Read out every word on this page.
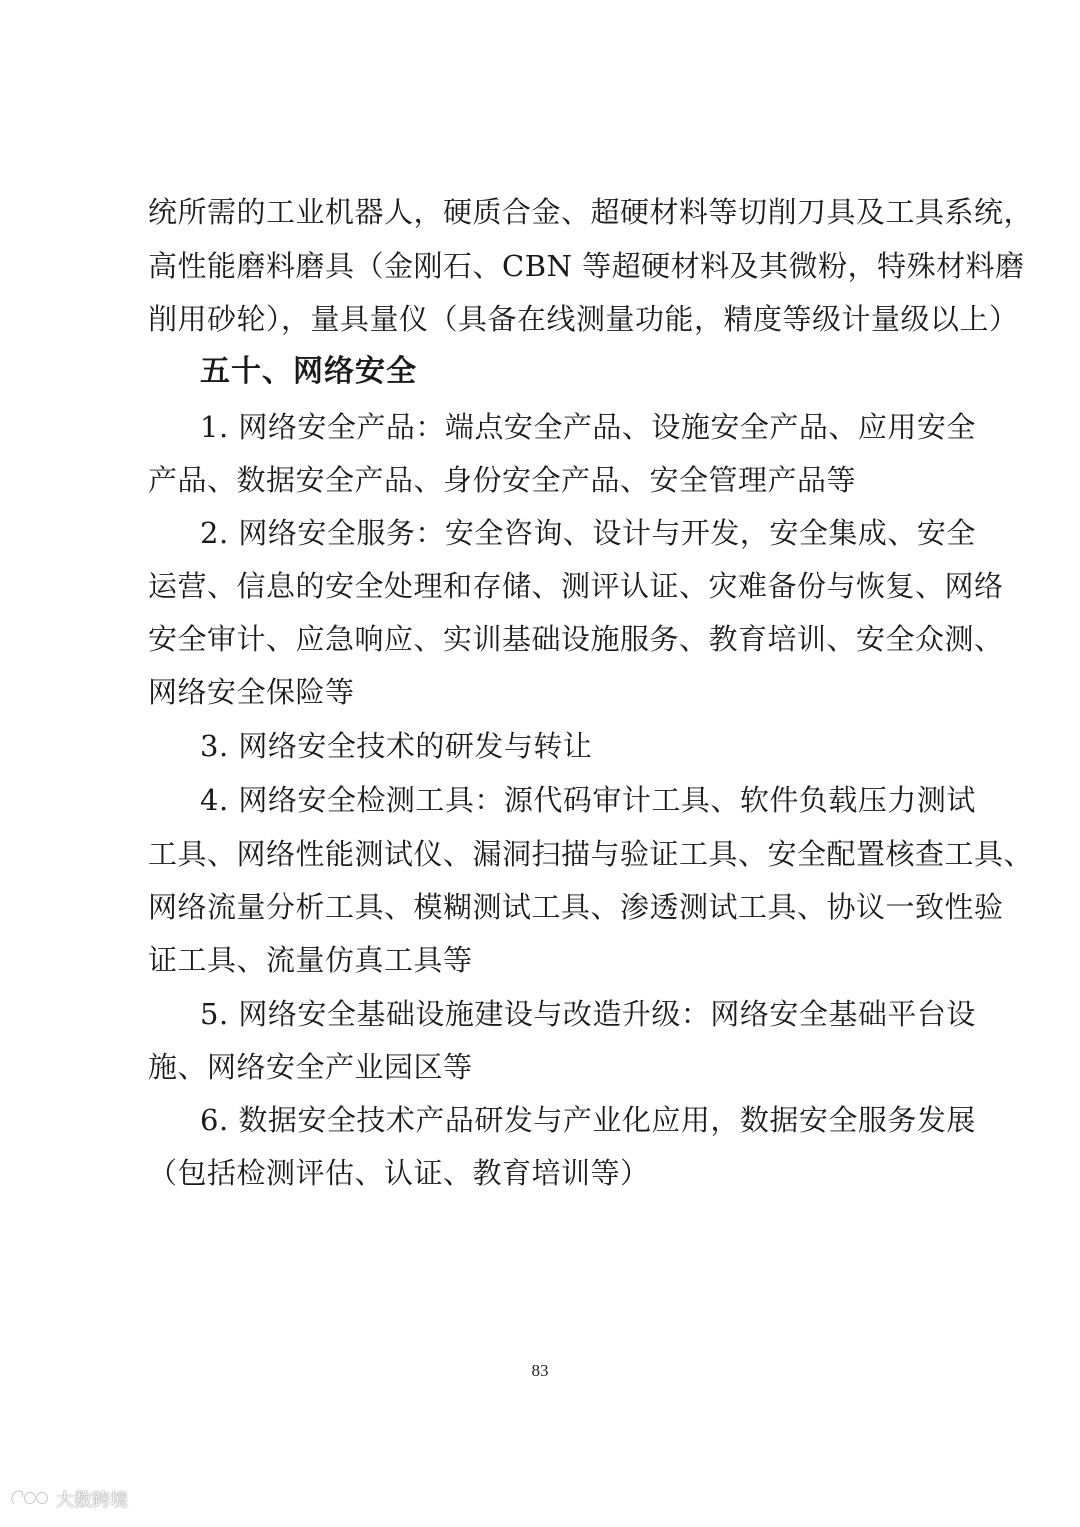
统所需的工业机器人，硬质合金、超硬材料等切削刀具及工具系统，
高性能磨料磨具（金刚石、CBN 等超硬材料及其微粉，特殊材料磨
削用砂轮），量具量仪（具备在线测量功能，精度等级计量级以上）
五十、网络安全
1. 网络安全产品：端点安全产品、设施安全产品、应用安全
产品、数据安全产品、身份安全产品、安全管理产品等
2. 网络安全服务：安全咨询、设计与开发，安全集成、安全
运营、信息的安全处理和存储、测评认证、灾难备份与恢复、网络
安全审计、应急响应、实训基础设施服务、教育培训、安全众测、
网络安全保险等
3. 网络安全技术的研发与转让
4. 网络安全检测工具：源代码审计工具、软件负载压力测试
工具、网络性能测试仪、漏洞扫描与验证工具、安全配置核查工具、
网络流量分析工具、模糊测试工具、渗透测试工具、协议一致性验
证工具、流量仿真工具等
5. 网络安全基础设施建设与改造升级：网络安全基础平台设
施、网络安全产业园区等
6. 数据安全技术产品研发与产业化应用，数据安全服务发展
（包括检测评估、认证、教育培训等）
83
大数跨境
